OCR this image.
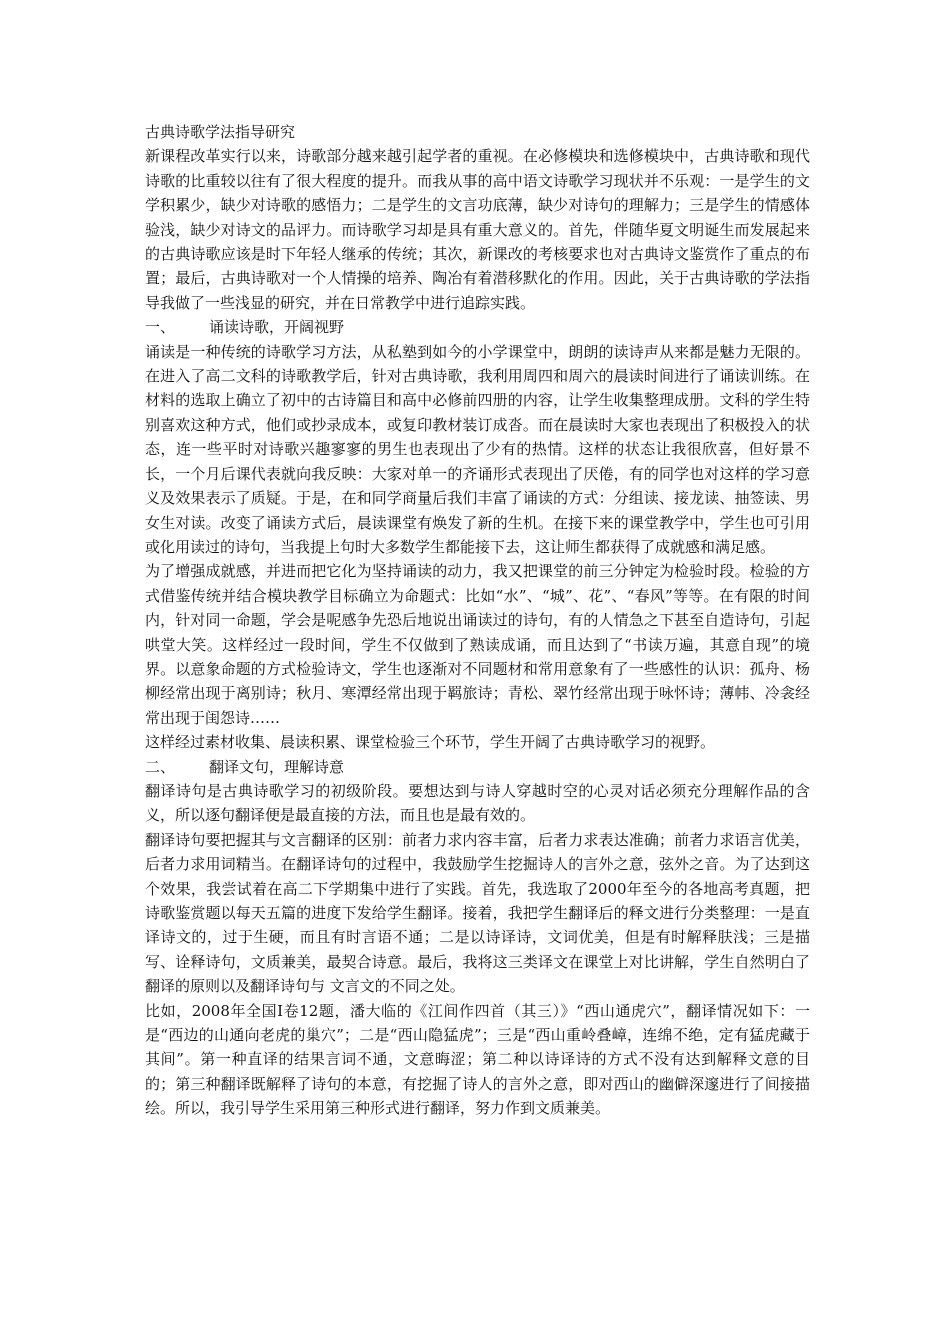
古典诗歌学法指导研究

新课程改革实行以来，诗歌部分越来越引起学者的重视。在必修模块和选修模块中，古典诗歌和现代诗歌的比重较以往有了很大程度的提升。而我从事的高中语文诗歌学习现状并不乐观：一是学生的文学积累少，缺少对诗歌的感悟力；二是学生的文言功底薄，缺少对诗句的理解力；三是学生的情感体验浅，缺少对诗文的品评力。而诗歌学习却是具有重大意义的。首先，伴随华夏文明诞生而发展起来的古典诗歌应该是时下年轻人继承的传统；其次，新课改的考核要求也对古典诗文鉴赏作了重点的布置；最后，古典诗歌对一个人情操的培养、陶冶有着潜移默化的作用。因此，关于古典诗歌的学法指导我做了一些浅显的研究，并在日常教学中进行追踪实践。

一、	诵读诗歌，开阔视野

诵读是一种传统的诗歌学习方法，从私塾到如今的小学课堂中，朗朗的读诗声从来都是魅力无限的。在进入了高二文科的诗歌教学后，针对古典诗歌，我利用周四和周六的晨读时间进行了诵读训练。在材料的选取上确立了初中的古诗篇目和高中必修前四册的内容，让学生收集整理成册。文科的学生特别喜欢这种方式，他们或抄录成本，或复印教材装订成沓。而在晨读时大家也表现出了积极投入的状态，连一些平时对诗歌兴趣寥寥的男生也表现出了少有的热情。这样的状态让我很欣喜，但好景不长，一个月后课代表就向我反映：大家对单一的齐诵形式表现出了厌倦，有的同学也对这样的学习意义及效果表示了质疑。于是，在和同学商量后我们丰富了诵读的方式：分组读、接龙读、抽签读、男女生对读。改变了诵读方式后，晨读课堂有焕发了新的生机。在接下来的课堂教学中，学生也可引用或化用读过的诗句，当我提上句时大多数学生都能接下去，这让师生都获得了成就感和满足感。

为了增强成就感，并进而把它化为坚持诵读的动力，我又把课堂的前三分钟定为检验时段。检验的方式借鉴传统并结合模块教学目标确立为命题式：比如“水”、“城”、花”、“春风”等等。在有限的时间内，针对同一命题，学会是呢感争先恐后地说出诵读过的诗句，有的人情急之下甚至自造诗句，引起哄堂大笑。这样经过一段时间，学生不仅做到了熟读成诵，而且达到了“书读万遍，其意自现”的境界。以意象命题的方式检验诗文，学生也逐渐对不同题材和常用意象有了一些感性的认识：孤舟、杨柳经常出现于离别诗；秋月、寒潭经常出现于羁旅诗；青松、翠竹经常出现于咏怀诗；薄帏、冷衾经常出现于闺怨诗……

这样经过素材收集、晨读积累、课堂检验三个环节，学生开阔了古典诗歌学习的视野。

二、	翻译文句，理解诗意

翻译诗句是古典诗歌学习的初级阶段。要想达到与诗人穿越时空的心灵对话必须充分理解作品的含义，所以逐句翻译便是最直接的方法，而且也是最有效的。

翻译诗句要把握其与文言翻译的区别：前者力求内容丰富，后者力求表达准确；前者力求语言优美，后者力求用词精当。在翻译诗句的过程中，我鼓励学生挖掘诗人的言外之意，弦外之音。为了达到这个效果，我尝试着在高二下学期集中进行了实践。首先，我选取了2000年至今的各地高考真题，把诗歌鉴赏题以每天五篇的进度下发给学生翻译。接着，我把学生翻译后的释文进行分类整理：一是直译诗文的，过于生硬，而且有时言语不通；二是以诗译诗，文词优美，但是有时解释肤浅；三是描写、诠释诗句，文质兼美，最契合诗意。最后，我将这三类译文在课堂上对比讲解，学生自然明白了翻译的原则以及翻译诗句与 文言文的不同之处。

比如，2008年全国Ⅰ卷12题，潘大临的《江间作四首（其三）》“西山通虎穴”，翻译情况如下：一是“西边的山通向老虎的巢穴”；二是“西山隐猛虎”；三是“西山重岭叠嶂，连绵不绝，定有猛虎藏于其间”。第一种直译的结果言词不通，文意晦涩；第二种以诗译诗的方式不没有达到解释文意的目的；第三种翻译既解释了诗句的本意，有挖掘了诗人的言外之意，即对西山的幽僻深邃进行了间接描绘。所以，我引导学生采用第三种形式进行翻译，努力作到文质兼美。
